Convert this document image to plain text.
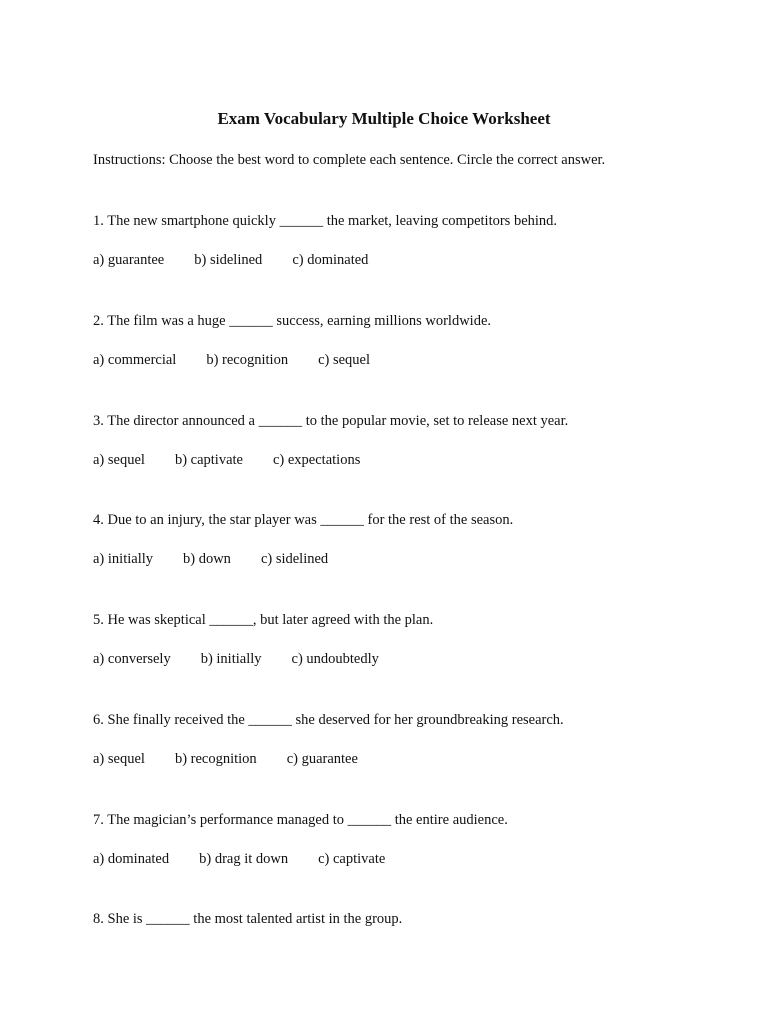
Exam Vocabulary Multiple Choice Worksheet
Instructions: Choose the best word to complete each sentence. Circle the correct answer.

1. The new smartphone quickly ______ the market, leaving competitors behind.

a) guarantee b) sidelined c) dominated

2. The film was a huge ______ success, earning millions worldwide.

a) commercial b) recognition c) sequel

3. The director announced a ______ to the popular movie, set to release next year.

a) sequel b) captivate c) expectations

4. Due to an injury, the star player was ______ for the rest of the season.

a) initially b) down c) sidelined

5. He was skeptical ______, but later agreed with the plan.

a) conversely b) initially c) undoubtedly

6. She finally received the ______ she deserved for her groundbreaking research.

a) sequel b) recognition c) guarantee

7. The magician’s performance managed to ______ the entire audience.

a) dominated b) drag it down c) captivate

8. She is ______ the most talented artist in the group.
